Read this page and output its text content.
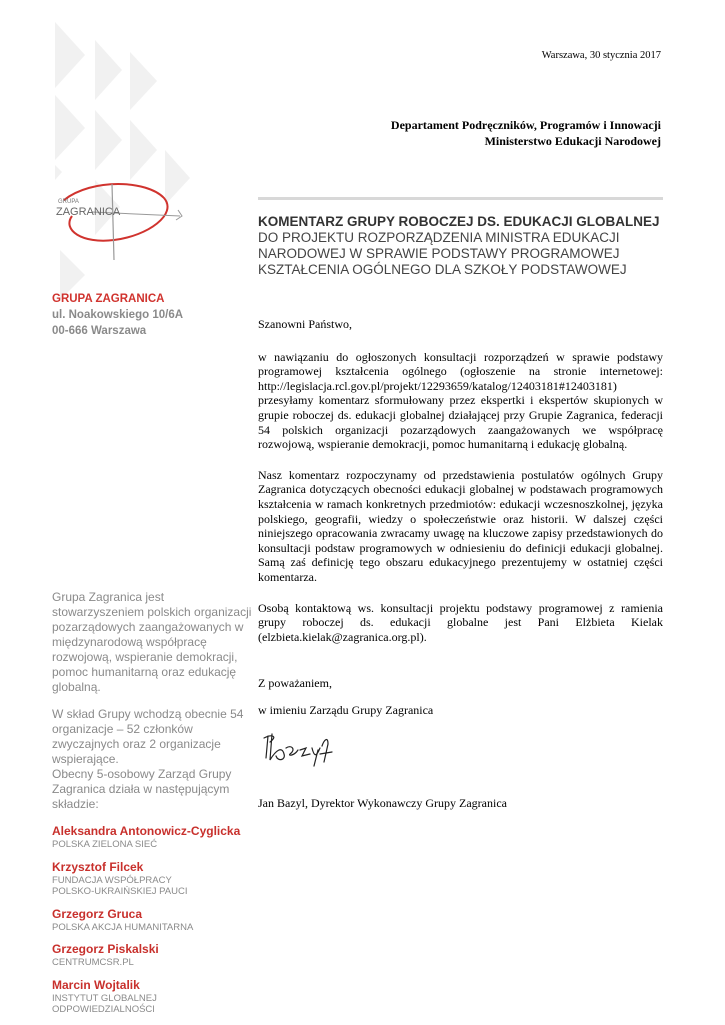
GRUPA
ZAGRANICA
GRUPA ZAGRANICA
ul. Noakowskiego 10/6A
00-666 Warszawa
Warszawa, 30 stycznia 2017
Departament Podręczników, Programów i Innowacji
Ministerstwo Edukacji Narodowej
KOMENTARZ GRUPY ROBOCZEJ DS. EDUKACJI GLOBALNEJ
DO PROJEKTU ROZPORZĄDZENIA MINISTRA EDUKACJI
NARODOWEJ W SPRAWIE PODSTAWY PROGRAMOWEJ
KSZTAŁCENIA OGÓLNEGO DLA SZKOŁY PODSTAWOWEJ

Szanowni Państwo,

w nawiązaniu do ogłoszonych konsultacji rozporządzeń w sprawie podstawy programowej kształcenia ogólnego (ogłoszenie na stronie internetowej: http://legislacja.rcl.gov.pl/projekt/12293659/katalog/12403181#12403181) przesyłamy komentarz sformułowany przez ekspertki i ekspertów skupionych w grupie roboczej ds. edukacji globalnej działającej przy Grupie Zagranica, federacji 54 polskich organizacji pozarządowych zaangażowanych we współpracę rozwojową, wspieranie demokracji, pomoc humanitarną i edukację globalną.

Nasz komentarz rozpoczynamy od przedstawienia postulatów ogólnych Grupy Zagranica dotyczących obecności edukacji globalnej w podstawach programowych kształcenia w ramach konkretnych przedmiotów: edukacji wczesnoszkolnej, języka polskiego, geografii, wiedzy o społeczeństwie oraz historii. W dalszej części niniejszego opracowania zwracamy uwagę na kluczowe zapisy przedstawionych do konsultacji podstaw programowych w odniesieniu do definicji edukacji globalnej. Samą zaś definicję tego obszaru edukacyjnego prezentujemy w ostatniej części komentarza.

Osobą kontaktową ws. konsultacji projektu podstawy programowej z ramienia grupy roboczej ds. edukacji globalne jest Pani Elżbieta Kielak (elzbieta.kielak@zagranica.org.pl).

Z poważaniem,

w imieniu Zarządu Grupy Zagranica

Jan Bazyl, Dyrektor Wykonawczy Grupy Zagranica

Grupa Zagranica jest stowarzyszeniem polskich organizacji pozarządowych zaangażowanych w międzynarodową współpracę rozwojową, wspieranie demokracji, pomoc humanitarną oraz edukację globalną.

W skład Grupy wchodzą obecnie 54 organizacje – 52 członków zwyczajnych oraz 2 organizacje wspierające.

Obecny 5-osobowy Zarząd Grupy Zagranica działa w następującym składzie:

Aleksandra Antonowicz-Cyglicka
POLSKA ZIELONA SIEĆ
Krzysztof Filcek
FUNDACJA WSPÓŁPRACY
POLSKO-UKRAIŃSKIEJ PAUCI
Grzegorz Gruca
POLSKA AKCJA HUMANITARNA
Grzegorz Piskalski
CENTRUMCSR.PL
Marcin Wojtalik
INSTYTUT GLOBALNEJ
ODPOWIEDZIALNOŚCI
